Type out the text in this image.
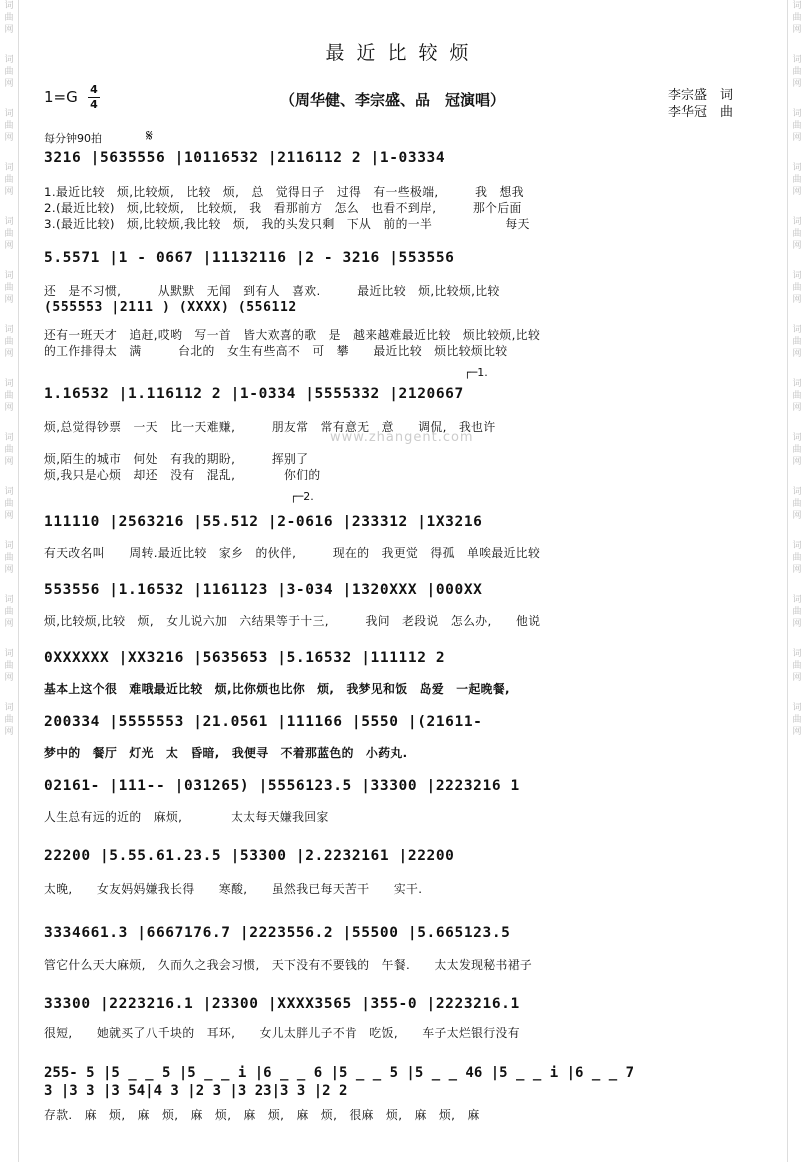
词
曲
网
词
曲
网
词
曲
网
词
曲
网
词
曲
网
词
曲
网
词
曲
网
词
曲
网
词
曲
网
词
曲
网
词
曲
网
词
曲
网
词
曲
网
词
曲
网
词
曲
网
词
曲
网
词
曲
网
词
曲
网
词
曲
网
词
曲
网
词
曲
网
词
曲
网
词
曲
网
词
曲
网
词
曲
网
词
曲
网
词
曲
网
词
曲
网
最近比较烦
1=G 4
4	（周华健、李宗盛、品　冠演唱）	李宗盛　词
李华冠　曲
每分钟90拍	𝄋
www.zhangent.com
┌─1.
┌─2.
3216 |5635556 |10116532 |2116112 2 |1-03334
5.5571 |1 - 0667 |11132116 |2 - 3216 |553556
(555553 |2111 ) (XXXX) (556112
1.16532 |1.116112 2 |1-0334 |5555332 |2120667
111110 |2563216 |55.512 |2-0616 |233312 |1X3216
553556 |1.16532 |1161123 |3-034 |1320XXX |000XX
0XXXXXX |XX3216 |5635653 |5.16532 |111112 2
200334 |5555553 |21.0561 |111166 |5550 |(21611-
02161- |111-- |031265) |5556123.5 |33300 |2223216 1
22200 |5.55.61.23.5 |53300 |2.2232161 |22200
3334661.3 |6667176.7 |2223556.2 |55500 |5.665123.5
33300 |2223216.1 |23300 |XXXX3565 |355-0 |2223216.1
1.最近比较　烦,比较烦,　比较　烦,　总　觉得日子　过得　有一些极端,　　　我　想我
2.(最近比较)　烦,比较烦,　比较烦,　我　看那前方　怎么　也看不到岸,　　　那个后面
3.(最近比较)　烦,比较烦,我比较　烦,　我的头发只剩　下从　前的一半　　　　　　每天
还　是不习惯,　　　从默默　无闻　到有人　喜欢.　　　最近比较　烦,比较烦,比较
还有一班天才　追赶,哎哟　写一首　皆大欢喜的歌　是　越来越难最近比较　烦比较烦,比较
的工作排得太　满　　　台北的　女生有些高不　可　攀　　最近比较　烦比较烦比较
烦,总觉得钞票　一天　比一天难赚,　　　朋友常　常有意无　意　　调侃,　我也许
烦,陌生的城市　何处　有我的期盼,　　　挥别了
烦,我只是心烦　却还　没有　混乱,　　　　你们的
有天改名叫　　周转.最近比较　家乡　的伙伴,　　　现在的　我更觉　得孤　单唉最近比较
烦,比较烦,比较　烦,　女儿说六加　六结果等于十三,　　　我问　老段说　怎么办,　　他说
基本上这个很　难哦最近比较　烦,比你烦也比你　烦,　我梦见和饭　岛爱　一起晚餐,
梦中的　餐厅　灯光　太　昏暗,　我便寻　不着那蓝色的　小药丸.
人生总有远的近的　麻烦,　　　　太太每天嫌我回家
太晚,　　女友妈妈嫌我长得　　寒酸,　　虽然我已每天苦干　　实干.
管它什么天大麻烦,　久而久之我会习惯,　天下没有不要钱的　午餐.　　太太发现秘书裙子
很短,　　她就买了八千块的　耳环,　　女儿太胖儿子不肯　吃饭,　　车子太烂银行没有
存款.　麻　烦,　麻　烦,　麻　烦,　麻　烦,　麻　烦,　很麻　烦,　麻　烦,　麻
255- 5 |5 _ _ 5 |5 _ _ i |6 _ _ 6 |5 _ _ 5 |5 _ _ 46 |5 _ _ i |6 _ _ 7
3 |3 3 |3 54|4 3 |2 3 |3 23|3 3 |2 2
